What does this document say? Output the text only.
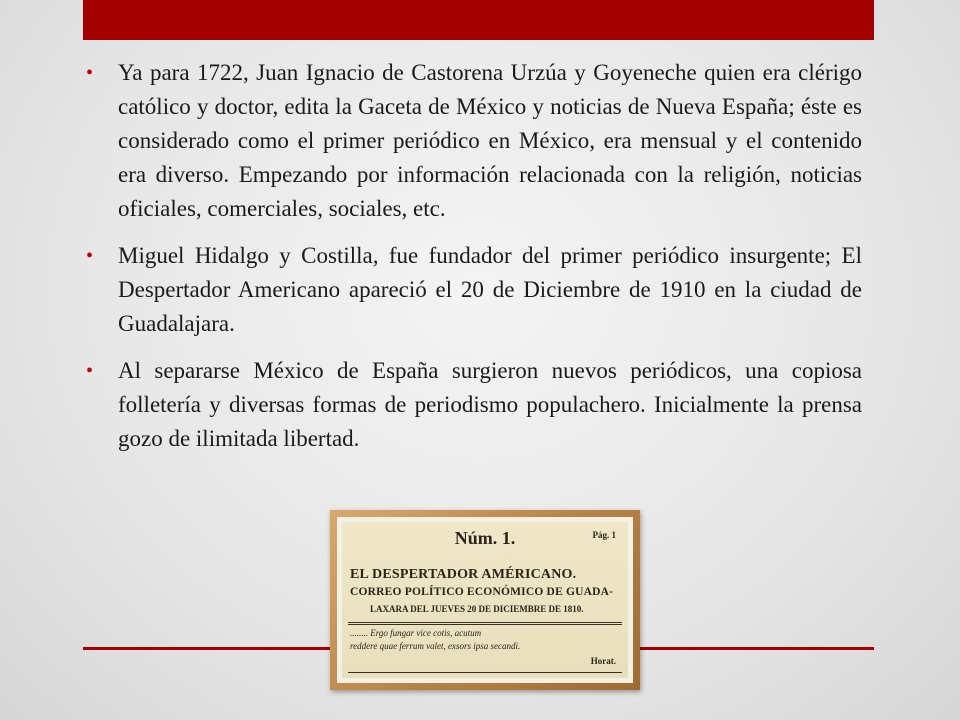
• Ya para 1722, Juan Ignacio de Castorena Urzúa y Goyeneche quien era clérigo católico y doctor, edita la Gaceta de México y noticias de Nueva España; éste es considerado como el primer periódico en México, era mensual y el contenido era diverso. Empezando por información relacionada con la religión, noticias oficiales, comerciales, sociales, etc.

• Miguel Hidalgo y Costilla, fue fundador del primer periódico insurgente; El Despertador Americano apareció el 20 de Diciembre de 1910 en la ciudad de Guadalajara.

• Al separarse México de España surgieron nuevos periódicos, una copiosa folletería y diversas formas de periodismo populachero. Inicialmente la prensa gozo de ilimitada libertad.

Núm. 1.	Pág. 1
EL DESPERTADOR AMÉRICANO.
CORREO POLÍTICO ECONÓMICO DE GUADA-
LAXARA DEL JUEVES 20 DE DICIEMBRE DE 1810.
........ Ergo fungar vice cotis, acutum
reddere quae ferrum valet, exsors ipsa secandi.
Horat.
